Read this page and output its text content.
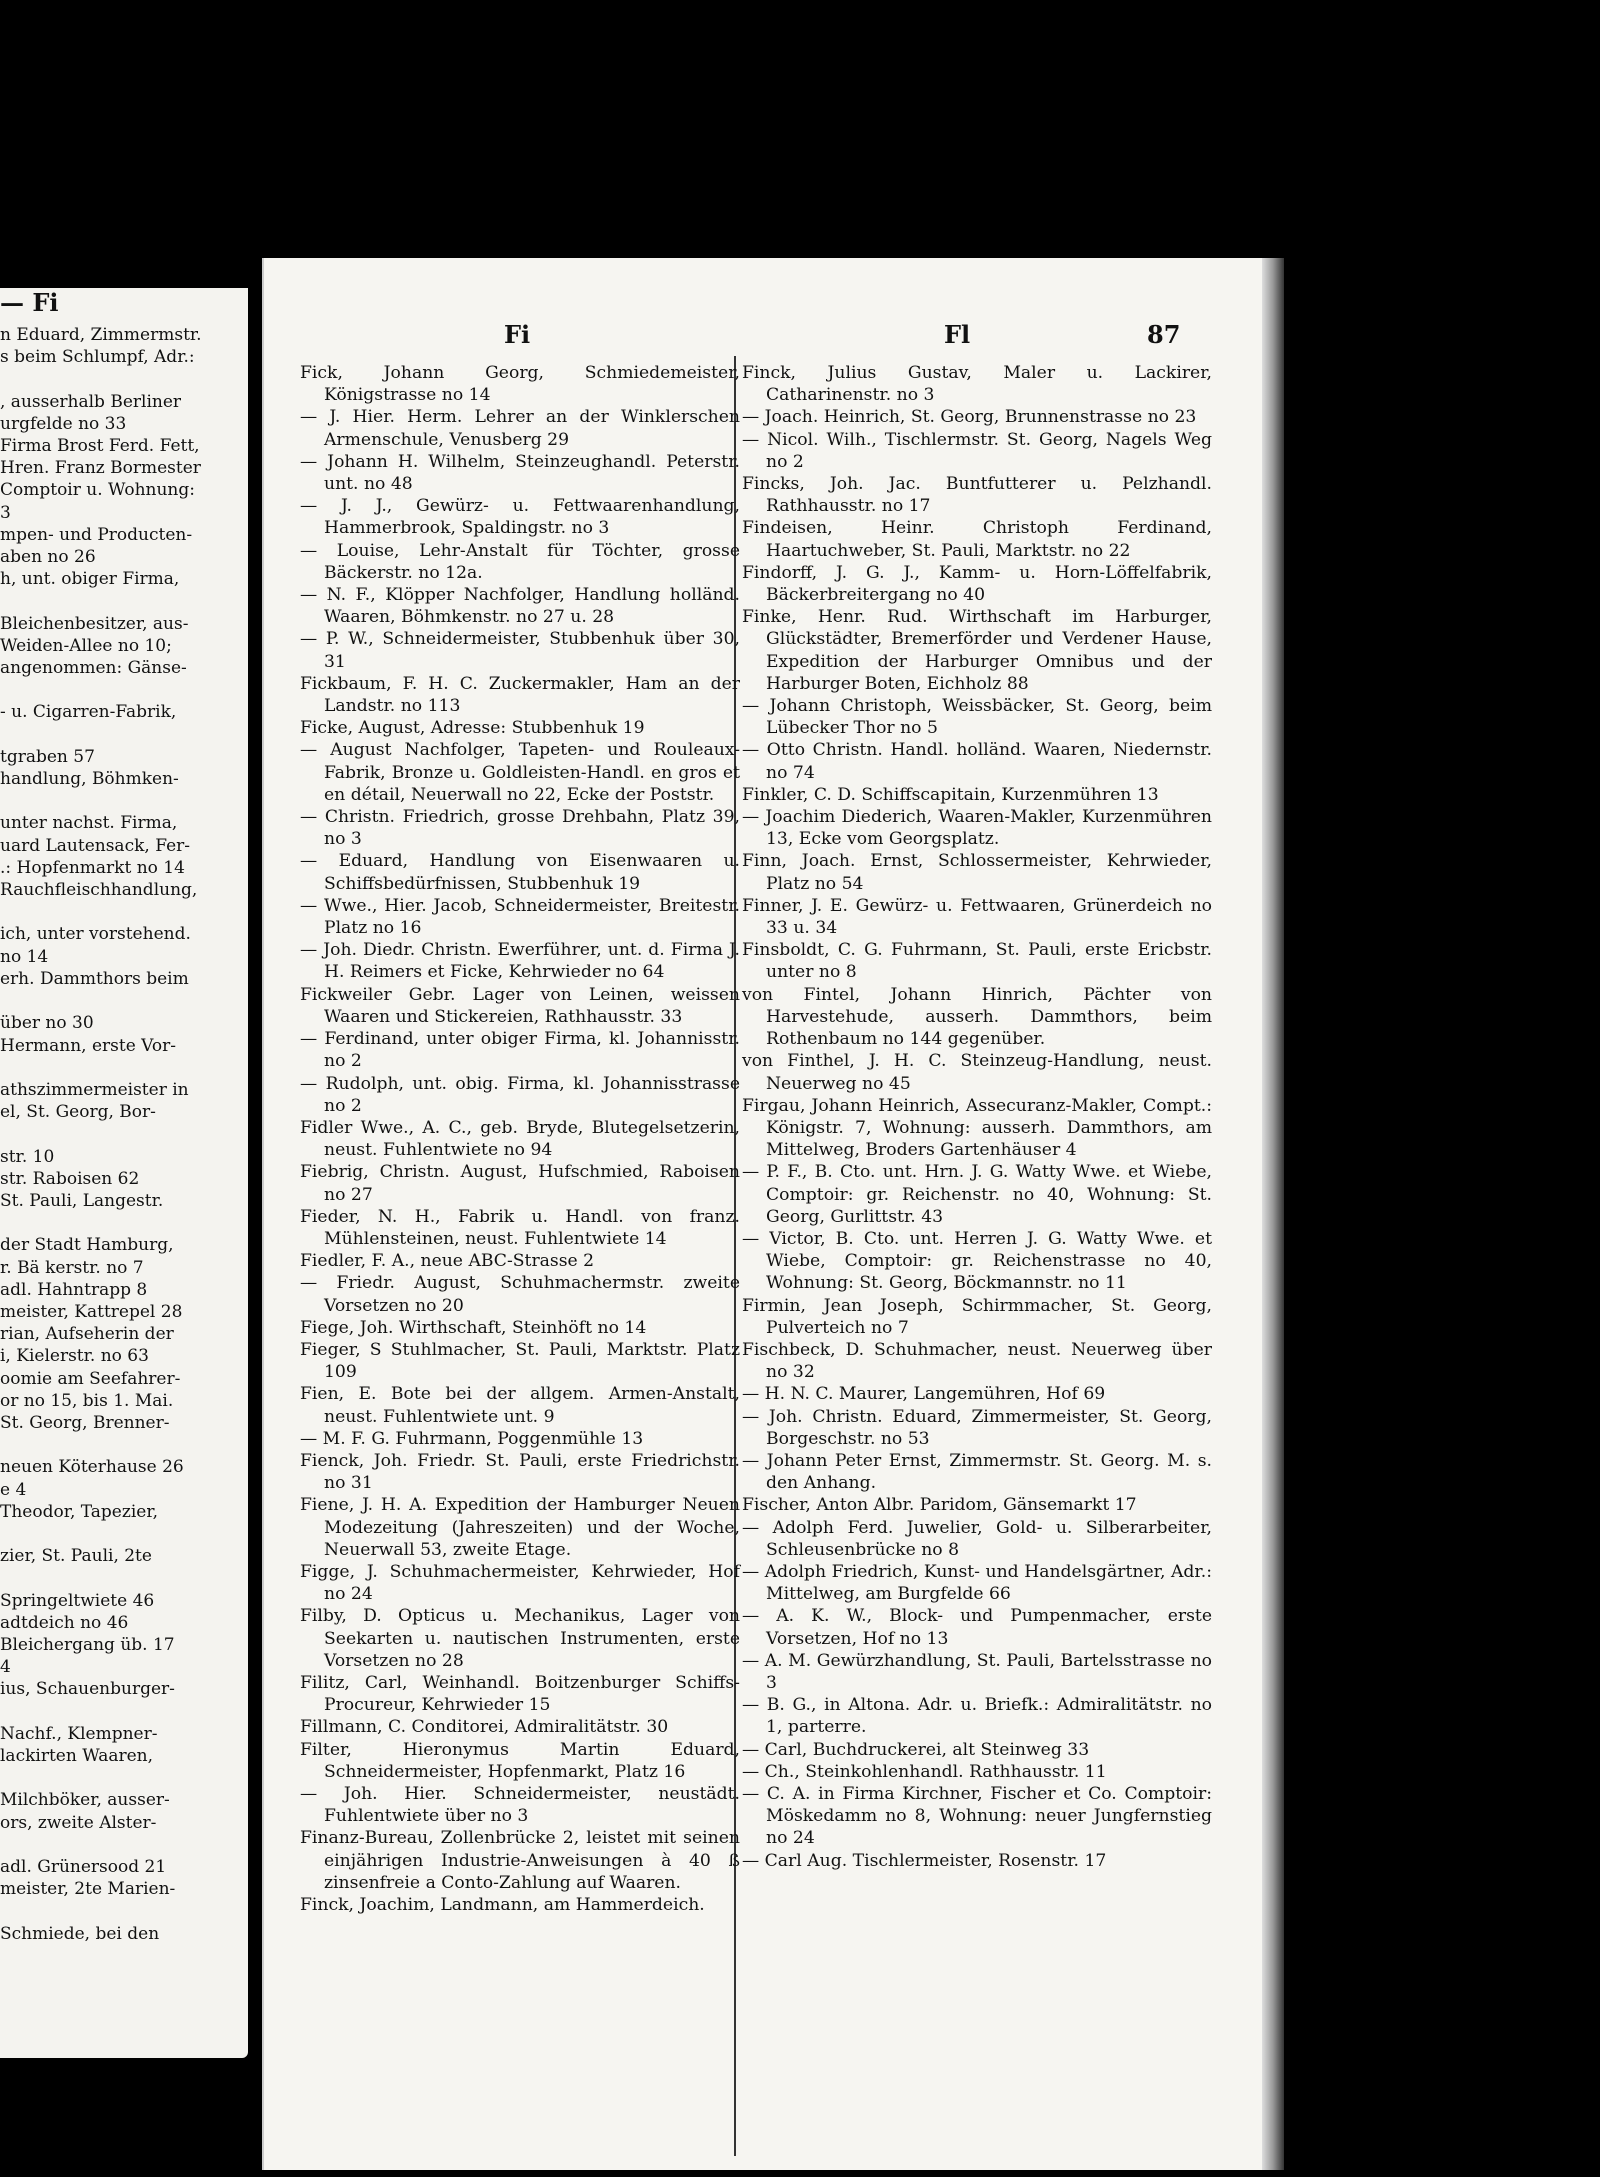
— Fi

n Eduard, Zimmermstr.

s beim Schlumpf, Adr.:

, ausserhalb Berliner

urgfelde no 33

Firma Brost Ferd. Fett,

Hren. Franz Bormester

Comptoir u. Wohnung:

3

mpen- und Producten-

aben no 26

h, unt. obiger Firma,

Bleichenbesitzer, aus-

Weiden-Allee no 10;

angenommen: Gänse-

- u. Cigarren-Fabrik,

tgraben 57

handlung, Böhmken-

unter nachst. Firma,

uard Lautensack, Fer-

.: Hopfenmarkt no 14

Rauchfleischhandlung,

ich, unter vorstehend.

no 14

erh. Dammthors beim

über no 30

Hermann, erste Vor-

athszimmermeister in

el, St. Georg, Bor-

str. 10

str. Raboisen 62

St. Pauli, Langestr.

der Stadt Hamburg,

r. Bä kerstr. no 7

adl. Hahntrapp 8

meister, Kattrepel 28

rian, Aufseherin der

i, Kielerstr. no 63

oomie am Seefahrer-

or no 15, bis 1. Mai.

St. Georg, Brenner-

neuen Köterhause 26

e 4

Theodor, Tapezier,

zier, St. Pauli, 2te

Springeltwiete 46

adtdeich no 46

Bleichergang üb. 17

4

ius, Schauenburger-

Nachf., Klempner-

lackirten Waaren,

Milchböker, ausser-

ors, zweite Alster-

adl. Grünersood 21

meister, 2te Marien-

Schmiede, bei den

Fi	Fl	87

Fick, Johann Georg, Schmiedemeister, Königstrasse no 14

— J. Hier. Herm. Lehrer an der Winklerschen Armenschule, Venusberg 29

— Johann H. Wilhelm, Steinzeughandl. Peterstr. unt. no 48

— J. J., Gewürz- u. Fettwaarenhandlung, Hammerbrook, Spaldingstr. no 3

— Louise, Lehr-Anstalt für Töchter, grosse Bäckerstr. no 12a.

— N. F., Klöpper Nachfolger, Handlung holländ. Waaren, Böhmkenstr. no 27 u. 28

— P. W., Schneidermeister, Stubbenhuk über 30, 31

Fickbaum, F. H. C. Zuckermakler, Ham an der Landstr. no 113

Ficke, August, Adresse: Stubbenhuk 19

— August Nachfolger, Tapeten- und Rouleaux-Fabrik, Bronze u. Goldleisten-Handl. en gros et en détail, Neuerwall no 22, Ecke der Poststr.

— Christn. Friedrich, grosse Drehbahn, Platz 39, no 3

— Eduard, Handlung von Eisenwaaren u. Schiffsbedürfnissen, Stubbenhuk 19

— Wwe., Hier. Jacob, Schneidermeister, Breitestr. Platz no 16

— Joh. Diedr. Christn. Ewerführer, unt. d. Firma J. H. Reimers et Ficke, Kehrwieder no 64

Fickweiler Gebr. Lager von Leinen, weissen Waaren und Stickereien, Rathhausstr. 33

— Ferdinand, unter obiger Firma, kl. Johannisstr. no 2

— Rudolph, unt. obig. Firma, kl. Johannisstrasse no 2

Fidler Wwe., A. C., geb. Bryde, Blutegelsetzerin, neust. Fuhlentwiete no 94

Fiebrig, Christn. August, Hufschmied, Raboisen no 27

Fieder, N. H., Fabrik u. Handl. von franz. Mühlensteinen, neust. Fuhlentwiete 14

Fiedler, F. A., neue ABC-Strasse 2

— Friedr. August, Schuhmachermstr. zweite Vorsetzen no 20

Fiege, Joh. Wirthschaft, Steinhöft no 14

Fieger, S Stuhlmacher, St. Pauli, Marktstr. Platz 109

Fien, E. Bote bei der allgem. Armen-Anstalt, neust. Fuhlentwiete unt. 9

— M. F. G. Fuhrmann, Poggenmühle 13

Fienck, Joh. Friedr. St. Pauli, erste Friedrichstr. no 31

Fiene, J. H. A. Expedition der Hamburger Neuen Modezeitung (Jahreszeiten) und der Woche, Neuerwall 53, zweite Etage.

Figge, J. Schuhmachermeister, Kehrwieder, Hof no 24

Filby, D. Opticus u. Mechanikus, Lager von Seekarten u. nautischen Instrumenten, erste Vorsetzen no 28

Filitz, Carl, Weinhandl. Boitzenburger Schiffs-Procureur, Kehrwieder 15

Fillmann, C. Conditorei, Admiralitätstr. 30

Filter, Hieronymus Martin Eduard, Schneidermeister, Hopfenmarkt, Platz 16

— Joh. Hier. Schneidermeister, neustädt. Fuhlentwiete über no 3

Finanz-Bureau, Zollenbrücke 2, leistet mit seinen einjährigen Industrie-Anweisungen à 40 ß zinsenfreie a Conto-Zahlung auf Waaren.

Finck, Joachim, Landmann, am Hammerdeich.

Finck, Julius Gustav, Maler u. Lackirer, Catharinenstr. no 3

— Joach. Heinrich, St. Georg, Brunnenstrasse no 23

— Nicol. Wilh., Tischlermstr. St. Georg, Nagels Weg no 2

Fincks, Joh. Jac. Buntfutterer u. Pelzhandl. Rathhausstr. no 17

Findeisen, Heinr. Christoph Ferdinand, Haartuchweber, St. Pauli, Marktstr. no 22

Findorff, J. G. J., Kamm- u. Horn-Löffelfabrik, Bäckerbreitergang no 40

Finke, Henr. Rud. Wirthschaft im Harburger, Glückstädter, Bremerförder und Verdener Hause, Expedition der Harburger Omnibus und der Harburger Boten, Eichholz 88

— Johann Christoph, Weissbäcker, St. Georg, beim Lübecker Thor no 5

— Otto Christn. Handl. holländ. Waaren, Niedernstr. no 74

Finkler, C. D. Schiffscapitain, Kurzenmühren 13

— Joachim Diederich, Waaren-Makler, Kurzenmühren 13, Ecke vom Georgsplatz.

Finn, Joach. Ernst, Schlossermeister, Kehrwieder, Platz no 54

Finner, J. E. Gewürz- u. Fettwaaren, Grünerdeich no 33 u. 34

Finsboldt, C. G. Fuhrmann, St. Pauli, erste Ericbstr. unter no 8

von Fintel, Johann Hinrich, Pächter von Harvestehude, ausserh. Dammthors, beim Rothenbaum no 144 gegenüber.

von Finthel, J. H. C. Steinzeug-Handlung, neust. Neuerweg no 45

Firgau, Johann Heinrich, Assecuranz-Makler, Compt.: Königstr. 7, Wohnung: ausserh. Dammthors, am Mittelweg, Broders Gartenhäuser 4

— P. F., B. Cto. unt. Hrn. J. G. Watty Wwe. et Wiebe, Comptoir: gr. Reichenstr. no 40, Wohnung: St. Georg, Gurlittstr. 43

— Victor, B. Cto. unt. Herren J. G. Watty Wwe. et Wiebe, Comptoir: gr. Reichenstrasse no 40, Wohnung: St. Georg, Böckmannstr. no 11

Firmin, Jean Joseph, Schirmmacher, St. Georg, Pulverteich no 7

Fischbeck, D. Schuhmacher, neust. Neuerweg über no 32

— H. N. C. Maurer, Langemühren, Hof 69

— Joh. Christn. Eduard, Zimmermeister, St. Georg, Borgeschstr. no 53

— Johann Peter Ernst, Zimmermstr. St. Georg. M. s. den Anhang.

Fischer, Anton Albr. Paridom, Gänsemarkt 17

— Adolph Ferd. Juwelier, Gold- u. Silberarbeiter, Schleusenbrücke no 8

— Adolph Friedrich, Kunst- und Handelsgärtner, Adr.: Mittelweg, am Burgfelde 66

— A. K. W., Block- und Pumpenmacher, erste Vorsetzen, Hof no 13

— A. M. Gewürzhandlung, St. Pauli, Bartelsstrasse no 3

— B. G., in Altona. Adr. u. Briefk.: Admiralitätstr. no 1, parterre.

— Carl, Buchdruckerei, alt Steinweg 33

— Ch., Steinkohlenhandl. Rathhausstr. 11

— C. A. in Firma Kirchner, Fischer et Co. Comptoir: Möskedamm no 8, Wohnung: neuer Jungfernstieg no 24

— Carl Aug. Tischlermeister, Rosenstr. 17
